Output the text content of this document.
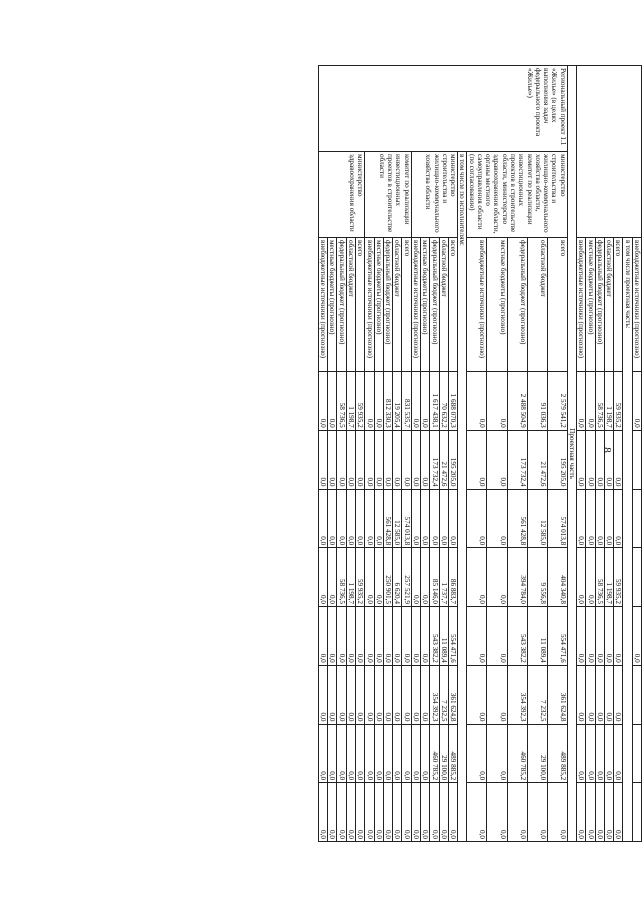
8
		внебюджетные источники (прогнозно)	0,0				0,0				
		в том числе проектная часть:									
		всего	59 935,2	0,0	0,0	59 935,2	0,0	0,0	0,0	0,0	
		областной бюджет	1 198,7	0,0	0,0	1 198,7	0,0	0,0	0,0	0,0	
		федеральный бюджет (прогнозно)	58 736,5	0,0	0,0	58 736,5	0,0	0,0	0,0	0,0	
		местные бюджеты (прогнозно)	0,0	0,0	0,0	0,0	0,0	0,0	0,0	0,0	
		внебюджетные источники (прогнозно)	0,0	0,0	0,0	0,0	0,0	0,0	0,0	0,0	
Проектная часть											
Региональный проект 1.1 «Жилье» (в целях выполнения задач федерального проекта «Жилье»)	министерство строительства и жилищно-коммунального хозяйства области, комитет по реализации инвестиционных проектов в строительстве области, министерство здравоохранения области, органы местного самоуправления области (по согласованию)	всего	2 579 541,2	195 205,0	574 013,8	404 340,8	554 471,6	361 624,8	489 885,2	0,0	
		областной бюджет	91 036,3	21 472,6	12 585,0	9 556,8	11 089,4	7 232,5	29 100,0	0,0	
		федеральный бюджет (прогнозно)	2 488 504,9	173 732,4	561 428,8	394 784,0	543 382,2	354 392,3	460 785,2	0,0	
		местные бюджеты (прогнозно)	0,0	0,0	0,0	0,0	0,0	0,0	0,0	0,0	
		внебюджетные источники (прогнозно)	0,0	0,0	0,0	0,0	0,0	0,0	0,0	0,0	
	в том числе по исполнителям:										
	министерство строительства и жилищно-коммунального хозяйства области	всего	1 688 070,3	195 205,0	0,0	86 883,7	554 471,6	361 624,8	489 885,2	0,0	
		областной бюджет	70 632,2	21 472,6	0,0	1 737,7	11 089,4	7 232,5	29 100,0	0,0	
		федеральный бюджет (прогнозно)	1 617 438,1	173 732,4	0,0	85 146,0	543 382,2	354 392,3	460 785,2	0,0	
		местные бюджеты (прогнозно)	0,0	0,0	0,0	0,0	0,0	0,0	0,0	0,0	
		внебюджетные источники (прогнозно)	0,0	0,0	0,0	0,0	0,0	0,0	0,0	0,0	
	комитет по реализации инвестиционных проектов в строительстве области	всего	831 535,7	0,0	574 013,8	257 521,9	0,0	0,0	0,0	0,0	
		областной бюджет	19 205,4	0,0	12 585,0	6 620,4	0,0	0,0	0,0	0,0	
		федеральный бюджет (прогнозно)	812 330,3	0,0	561 428,8	250 901,5	0,0	0,0	0,0	0,0	
		местные бюджеты (прогнозно)	0,0	0,0	0,0	0,0	0,0	0,0	0,0	0,0	
		внебюджетные источники (прогнозно)	0,0	0,0	0,0	0,0	0,0	0,0	0,0	0,0	
	министерство здравоохранения области	всего	59 935,2	0,0	0,0	59 935,2	0,0	0,0	0,0	0,0	
		областной бюджет	1 198,7	0,0	0,0	1 198,7	0,0	0,0	0,0	0,0	
		федеральный бюджет (прогнозно)	58 736,5	0,0	0,0	58 736,5	0,0	0,0	0,0	0,0	
		местные бюджеты (прогнозно)	0,0	0,0	0,0	0,0	0,0	0,0	0,0	0,0	
		внебюджетные источники (прогнозно)	0,0	0,0	0,0	0,0	0,0	0,0	0,0	0,0	
